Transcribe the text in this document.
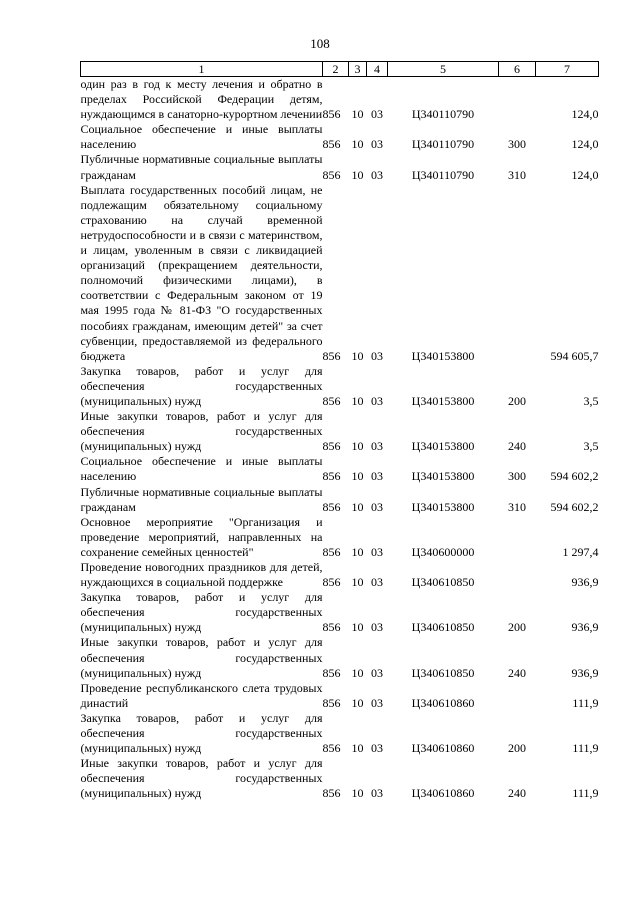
108
1	2	3	4	5	6	7
один раз в год к месту лечения и обратно в пределах Российской Федерации детям, нуждающимся в санаторно-курортном лечении	856	10	03	Ц340110790		124,0
Социальное обеспечение и иные выплаты населению	856	10	03	Ц340110790	300	124,0
Публичные нормативные социальные выплаты гражданам	856	10	03	Ц340110790	310	124,0
Выплата государственных пособий лицам, не подлежащим обязательному социальному страхованию на случай временной нетрудоспособности и в связи с материнством, и лицам, уволенным в связи с ликвидацией организаций (прекращением деятельности, полномочий физическими лицами), в соответствии с Федеральным законом от 19 мая 1995 года № 81-ФЗ "О государственных пособиях гражданам, имеющим детей" за счет субвенции, предоставляемой из федерального бюджета	856	10	03	Ц340153800		594 605,7
Закупка товаров, работ и услуг для обеспечения государственных (муниципальных) нужд	856	10	03	Ц340153800	200	3,5
Иные закупки товаров, работ и услуг для обеспечения государственных (муниципальных) нужд	856	10	03	Ц340153800	240	3,5
Социальное обеспечение и иные выплаты населению	856	10	03	Ц340153800	300	594 602,2
Публичные нормативные социальные выплаты гражданам	856	10	03	Ц340153800	310	594 602,2
Основное мероприятие "Организация и проведение мероприятий, направленных на сохранение семейных ценностей"	856	10	03	Ц340600000		1 297,4
Проведение новогодних праздников для детей, нуждающихся в социальной поддержке	856	10	03	Ц340610850		936,9
Закупка товаров, работ и услуг для обеспечения государственных (муниципальных) нужд	856	10	03	Ц340610850	200	936,9
Иные закупки товаров, работ и услуг для обеспечения государственных (муниципальных) нужд	856	10	03	Ц340610850	240	936,9
Проведение республиканского слета трудовых династий	856	10	03	Ц340610860		111,9
Закупка товаров, работ и услуг для обеспечения государственных (муниципальных) нужд	856	10	03	Ц340610860	200	111,9
Иные закупки товаров, работ и услуг для обеспечения государственных (муниципальных) нужд	856	10	03	Ц340610860	240	111,9
